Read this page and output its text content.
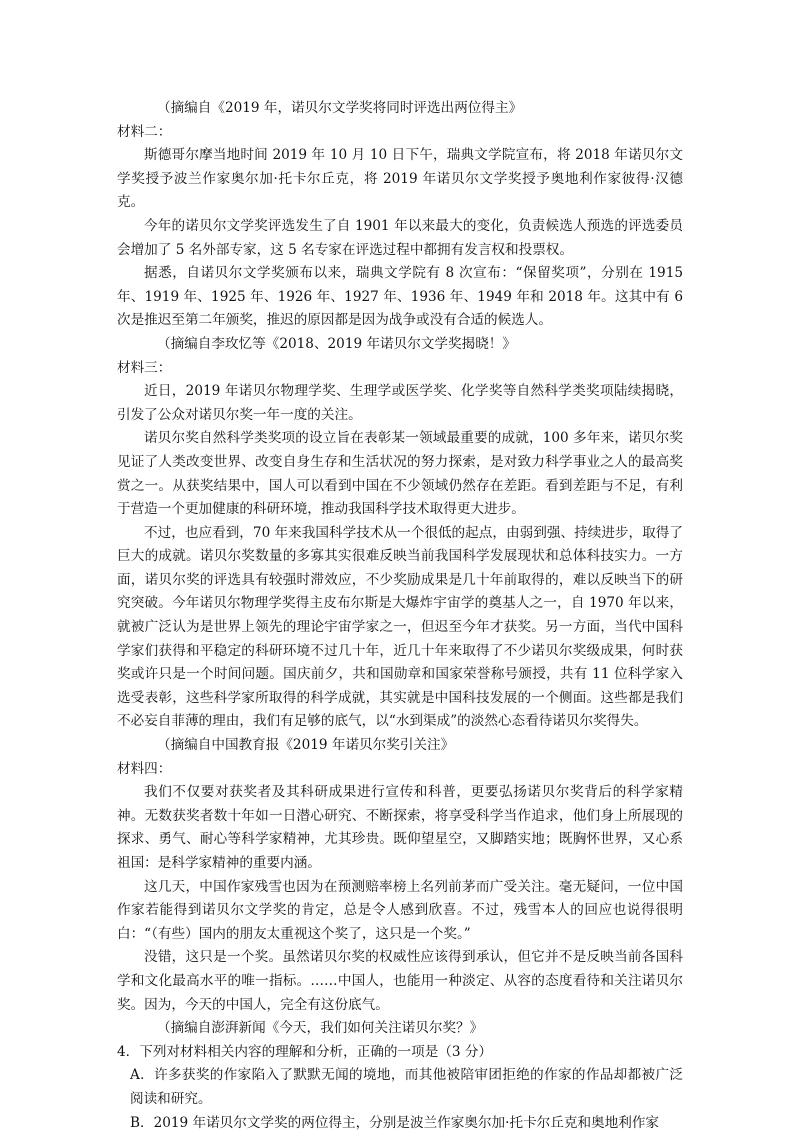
（摘编自《2019 年，诺贝尔文学奖将同时评选出两位得主》

材料二：

斯德哥尔摩当地时间 2019 年 10 月 10 日下午，瑞典文学院宣布，将 2018 年诺贝尔文学奖授予波兰作家奥尔加·托卡尔丘克，将 2019 年诺贝尔文学奖授予奥地利作家彼得·汉德克。

今年的诺贝尔文学奖评选发生了自 1901 年以来最大的变化，负责候选人预选的评选委员会增加了 5 名外部专家，这 5 名专家在评选过程中都拥有发言权和投票权。

据悉，自诺贝尔文学奖颁布以来，瑞典文学院有 8 次宣布：“保留奖项”，分别在 1915 年、1919 年、1925 年、1926 年、1927 年、1936 年、1949 年和 2018 年。这其中有 6 次是推迟至第二年颁奖，推迟的原因都是因为战争或没有合适的候选人。

（摘编自李玫忆等《2018、2019 年诺贝尔文学奖揭晓！》

材料三：

近日，2019 年诺贝尔物理学奖、生理学或医学奖、化学奖等自然科学类奖项陆续揭晓，引发了公众对诺贝尔奖一年一度的关注。

诺贝尔奖自然科学类奖项的设立旨在表彰某一领域最重要的成就，100 多年来，诺贝尔奖见证了人类改变世界、改变自身生存和生活状况的努力探索，是对致力科学事业之人的最高奖赏之一。从获奖结果中，国人可以看到中国在不少领域仍然存在差距。看到差距与不足，有利于营造一个更加健康的科研环境，推动我国科学技术取得更大进步。

不过，也应看到，70 年来我国科学技术从一个很低的起点，由弱到强、持续进步，取得了巨大的成就。诺贝尔奖数量的多寡其实很难反映当前我国科学发展现状和总体科技实力。一方面，诺贝尔奖的评选具有较强时滞效应，不少奖励成果是几十年前取得的，难以反映当下的研究突破。今年诺贝尔物理学奖得主皮布尔斯是大爆炸宇宙学的奠基人之一，自 1970 年以来，就被广泛认为是世界上领先的理论宇宙学家之一，但迟至今年才获奖。另一方面，当代中国科学家们获得和平稳定的科研环境不过几十年，近几十年来取得了不少诺贝尔奖级成果，何时获奖或许只是一个时间问题。国庆前夕，共和国勋章和国家荣誉称号颁授，共有 11 位科学家入选受表彰，这些科学家所取得的科学成就，其实就是中国科技发展的一个侧面。这些都是我们不必妄自菲薄的理由，我们有足够的底气，以“水到渠成”的淡然心态看待诺贝尔奖得失。

（摘编自中国教育报《2019 年诺贝尔奖引关注》

材料四：

我们不仅要对获奖者及其科研成果进行宣传和科普，更要弘扬诺贝尔奖背后的科学家精神。无数获奖者数十年如一日潜心研究、不断探索，将享受科学当作追求，他们身上所展现的探求、勇气、耐心等科学家精神，尤其珍贵。既仰望星空，又脚踏实地；既胸怀世界，又心系祖国：是科学家精神的重要内涵。

这几天，中国作家残雪也因为在预测赔率榜上名列前茅而广受关注。毫无疑问，一位中国作家若能得到诺贝尔文学奖的肯定，总是令人感到欣喜。不过，残雪本人的回应也说得很明白：“（有些）国内的朋友太重视这个奖了，这只是一个奖。”

没错，这只是一个奖。虽然诺贝尔奖的权威性应该得到承认，但它并不是反映当前各国科学和文化最高水平的唯一指标。……中国人，也能用一种淡定、从容的态度看待和关注诺贝尔奖。因为，今天的中国人，完全有这份底气。

（摘编自澎湃新闻《今天，我们如何关注诺贝尔奖？》

4．下列对材料相关内容的理解和分析，正确的一项是（3 分）

A．许多获奖的作家陷入了默默无闻的境地，而其他被陪审团拒绝的作家的作品却都被广泛阅读和研究。

B．2019 年诺贝尔文学奖的两位得主，分别是波兰作家奥尔加·托卡尔丘克和奥地利作家
